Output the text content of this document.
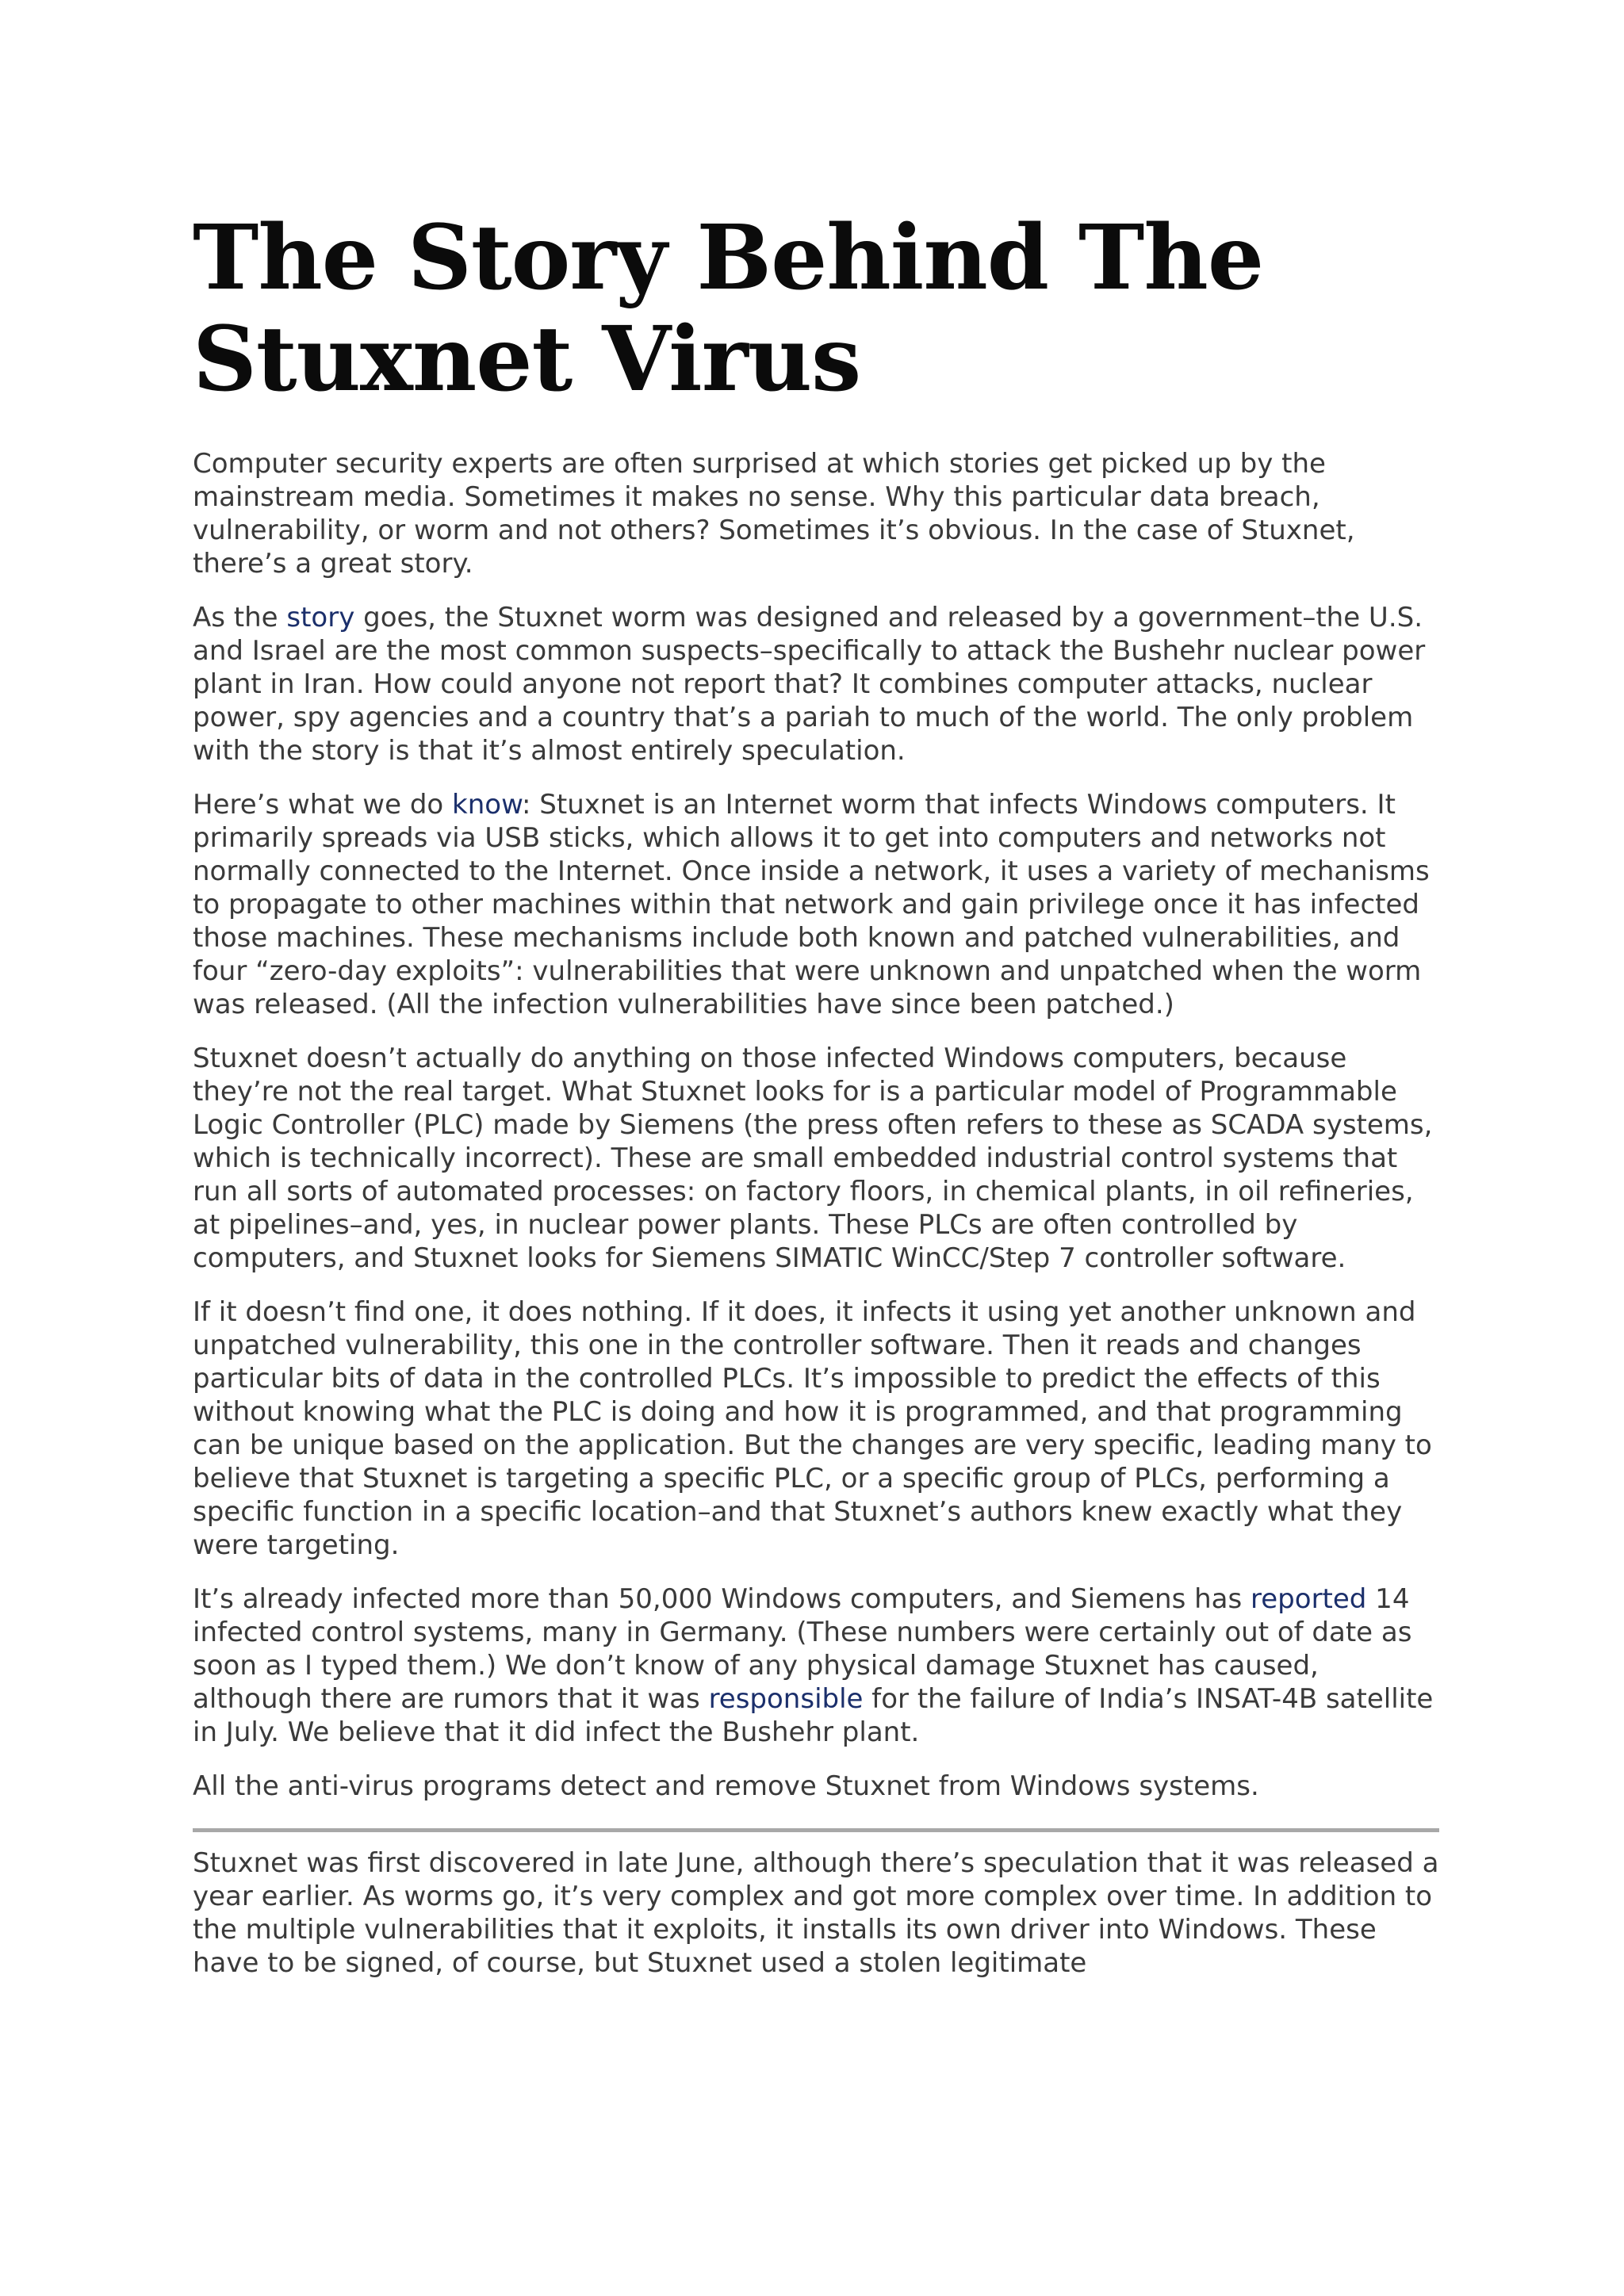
The Story Behind The Stuxnet Virus

Computer security experts are often surprised at which stories get picked up by the mainstream media. Sometimes it makes no sense. Why this particular data breach, vulnerability, or worm and not others? Sometimes it’s obvious. In the case of Stuxnet, there’s a great story.

As the story goes, the Stuxnet worm was designed and released by a government–the U.S. and Israel are the most common suspects–specifically to attack the Bushehr nuclear power plant in Iran. How could anyone not report that? It combines computer attacks, nuclear power, spy agencies and a country that’s a pariah to much of the world. The only problem with the story is that it’s almost entirely speculation.

Here’s what we do know: Stuxnet is an Internet worm that infects Windows computers. It primarily spreads via USB sticks, which allows it to get into computers and networks not normally connected to the Internet. Once inside a network, it uses a variety of mechanisms to propagate to other machines within that network and gain privilege once it has infected those machines. These mechanisms include both known and patched vulnerabilities, and four “zero-day exploits”: vulnerabilities that were unknown and unpatched when the worm was released. (All the infection vulnerabilities have since been patched.)

Stuxnet doesn’t actually do anything on those infected Windows computers, because they’re not the real target. What Stuxnet looks for is a particular model of Programmable Logic Controller (PLC) made by Siemens (the press often refers to these as SCADA systems, which is technically incorrect). These are small embedded industrial control systems that run all sorts of automated processes: on factory floors, in chemical plants, in oil refineries, at pipelines–and, yes, in nuclear power plants. These PLCs are often controlled by computers, and Stuxnet looks for Siemens SIMATIC WinCC/Step 7 controller software.

If it doesn’t find one, it does nothing. If it does, it infects it using yet another unknown and unpatched vulnerability, this one in the controller software. Then it reads and changes particular bits of data in the controlled PLCs. It’s impossible to predict the effects of this without knowing what the PLC is doing and how it is programmed, and that programming can be unique based on the application. But the changes are very specific, leading many to believe that Stuxnet is targeting a specific PLC, or a specific group of PLCs, performing a specific function in a specific location–and that Stuxnet’s authors knew exactly what they were targeting.

It’s already infected more than 50,000 Windows computers, and Siemens has reported 14 infected control systems, many in Germany. (These numbers were certainly out of date as soon as I typed them.) We don’t know of any physical damage Stuxnet has caused, although there are rumors that it was responsible for the failure of India’s INSAT-4B satellite in July. We believe that it did infect the Bushehr plant.

All the anti-virus programs detect and remove Stuxnet from Windows systems.

Stuxnet was first discovered in late June, although there’s speculation that it was released a year earlier. As worms go, it’s very complex and got more complex over time. In addition to the multiple vulnerabilities that it exploits, it installs its own driver into Windows. These have to be signed, of course, but Stuxnet used a stolen legitimate
